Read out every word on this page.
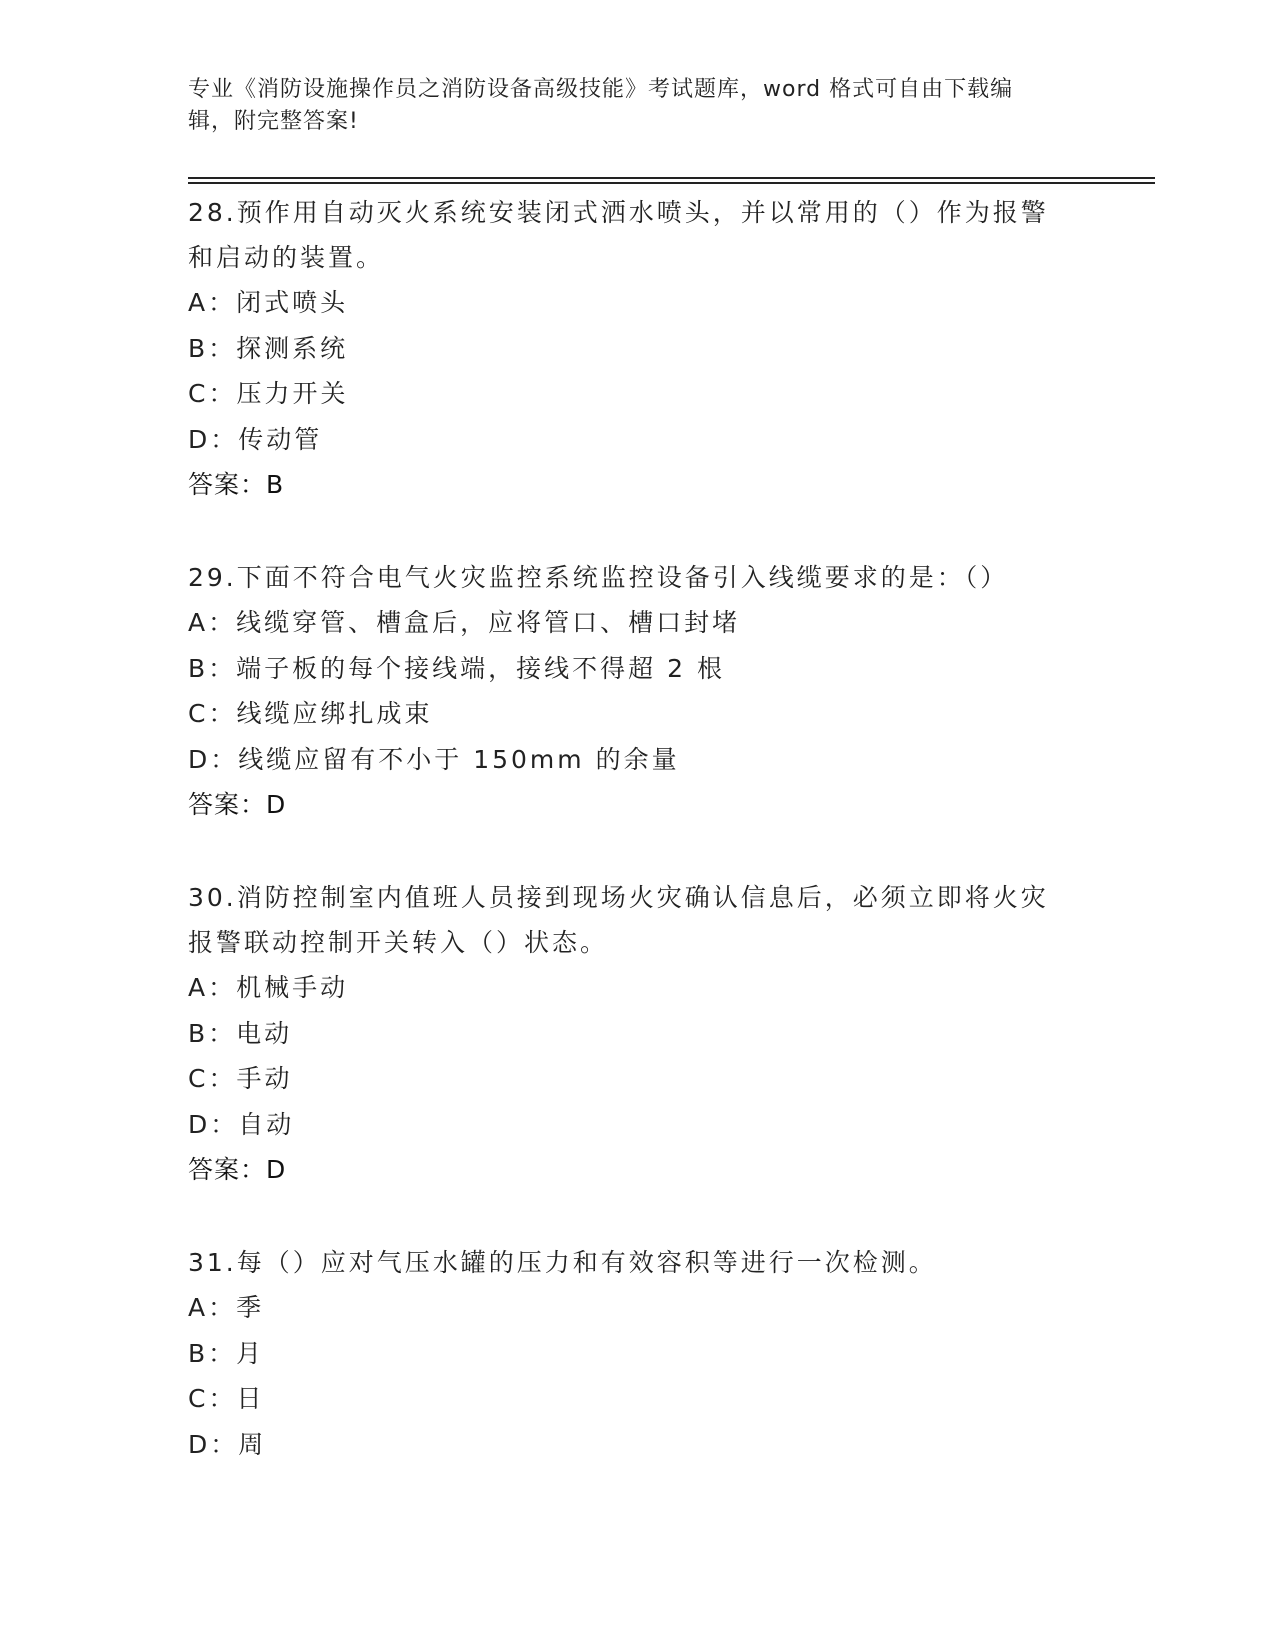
专业《消防设施操作员之消防设备高级技能》考试题库，word 格式可自由下载编
辑，附完整答案!
28.预作用自动灭火系统安装闭式洒水喷头，并以常用的（）作为报警
和启动的装置。
A：闭式喷头
B：探测系统
C：压力开关
D：传动管
答案：B
29.下面不符合电气火灾监控系统监控设备引入线缆要求的是：（）
A：线缆穿管、槽盒后，应将管口、槽口封堵
B：端子板的每个接线端，接线不得超 2 根
C：线缆应绑扎成束
D：线缆应留有不小于 150mm 的余量
答案：D
30.消防控制室内值班人员接到现场火灾确认信息后，必须立即将火灾
报警联动控制开关转入（）状态。
A：机械手动
B：电动
C：手动
D：自动
答案：D
31.每（）应对气压水罐的压力和有效容积等进行一次检测。
A：季
B：月
C：日
D：周
